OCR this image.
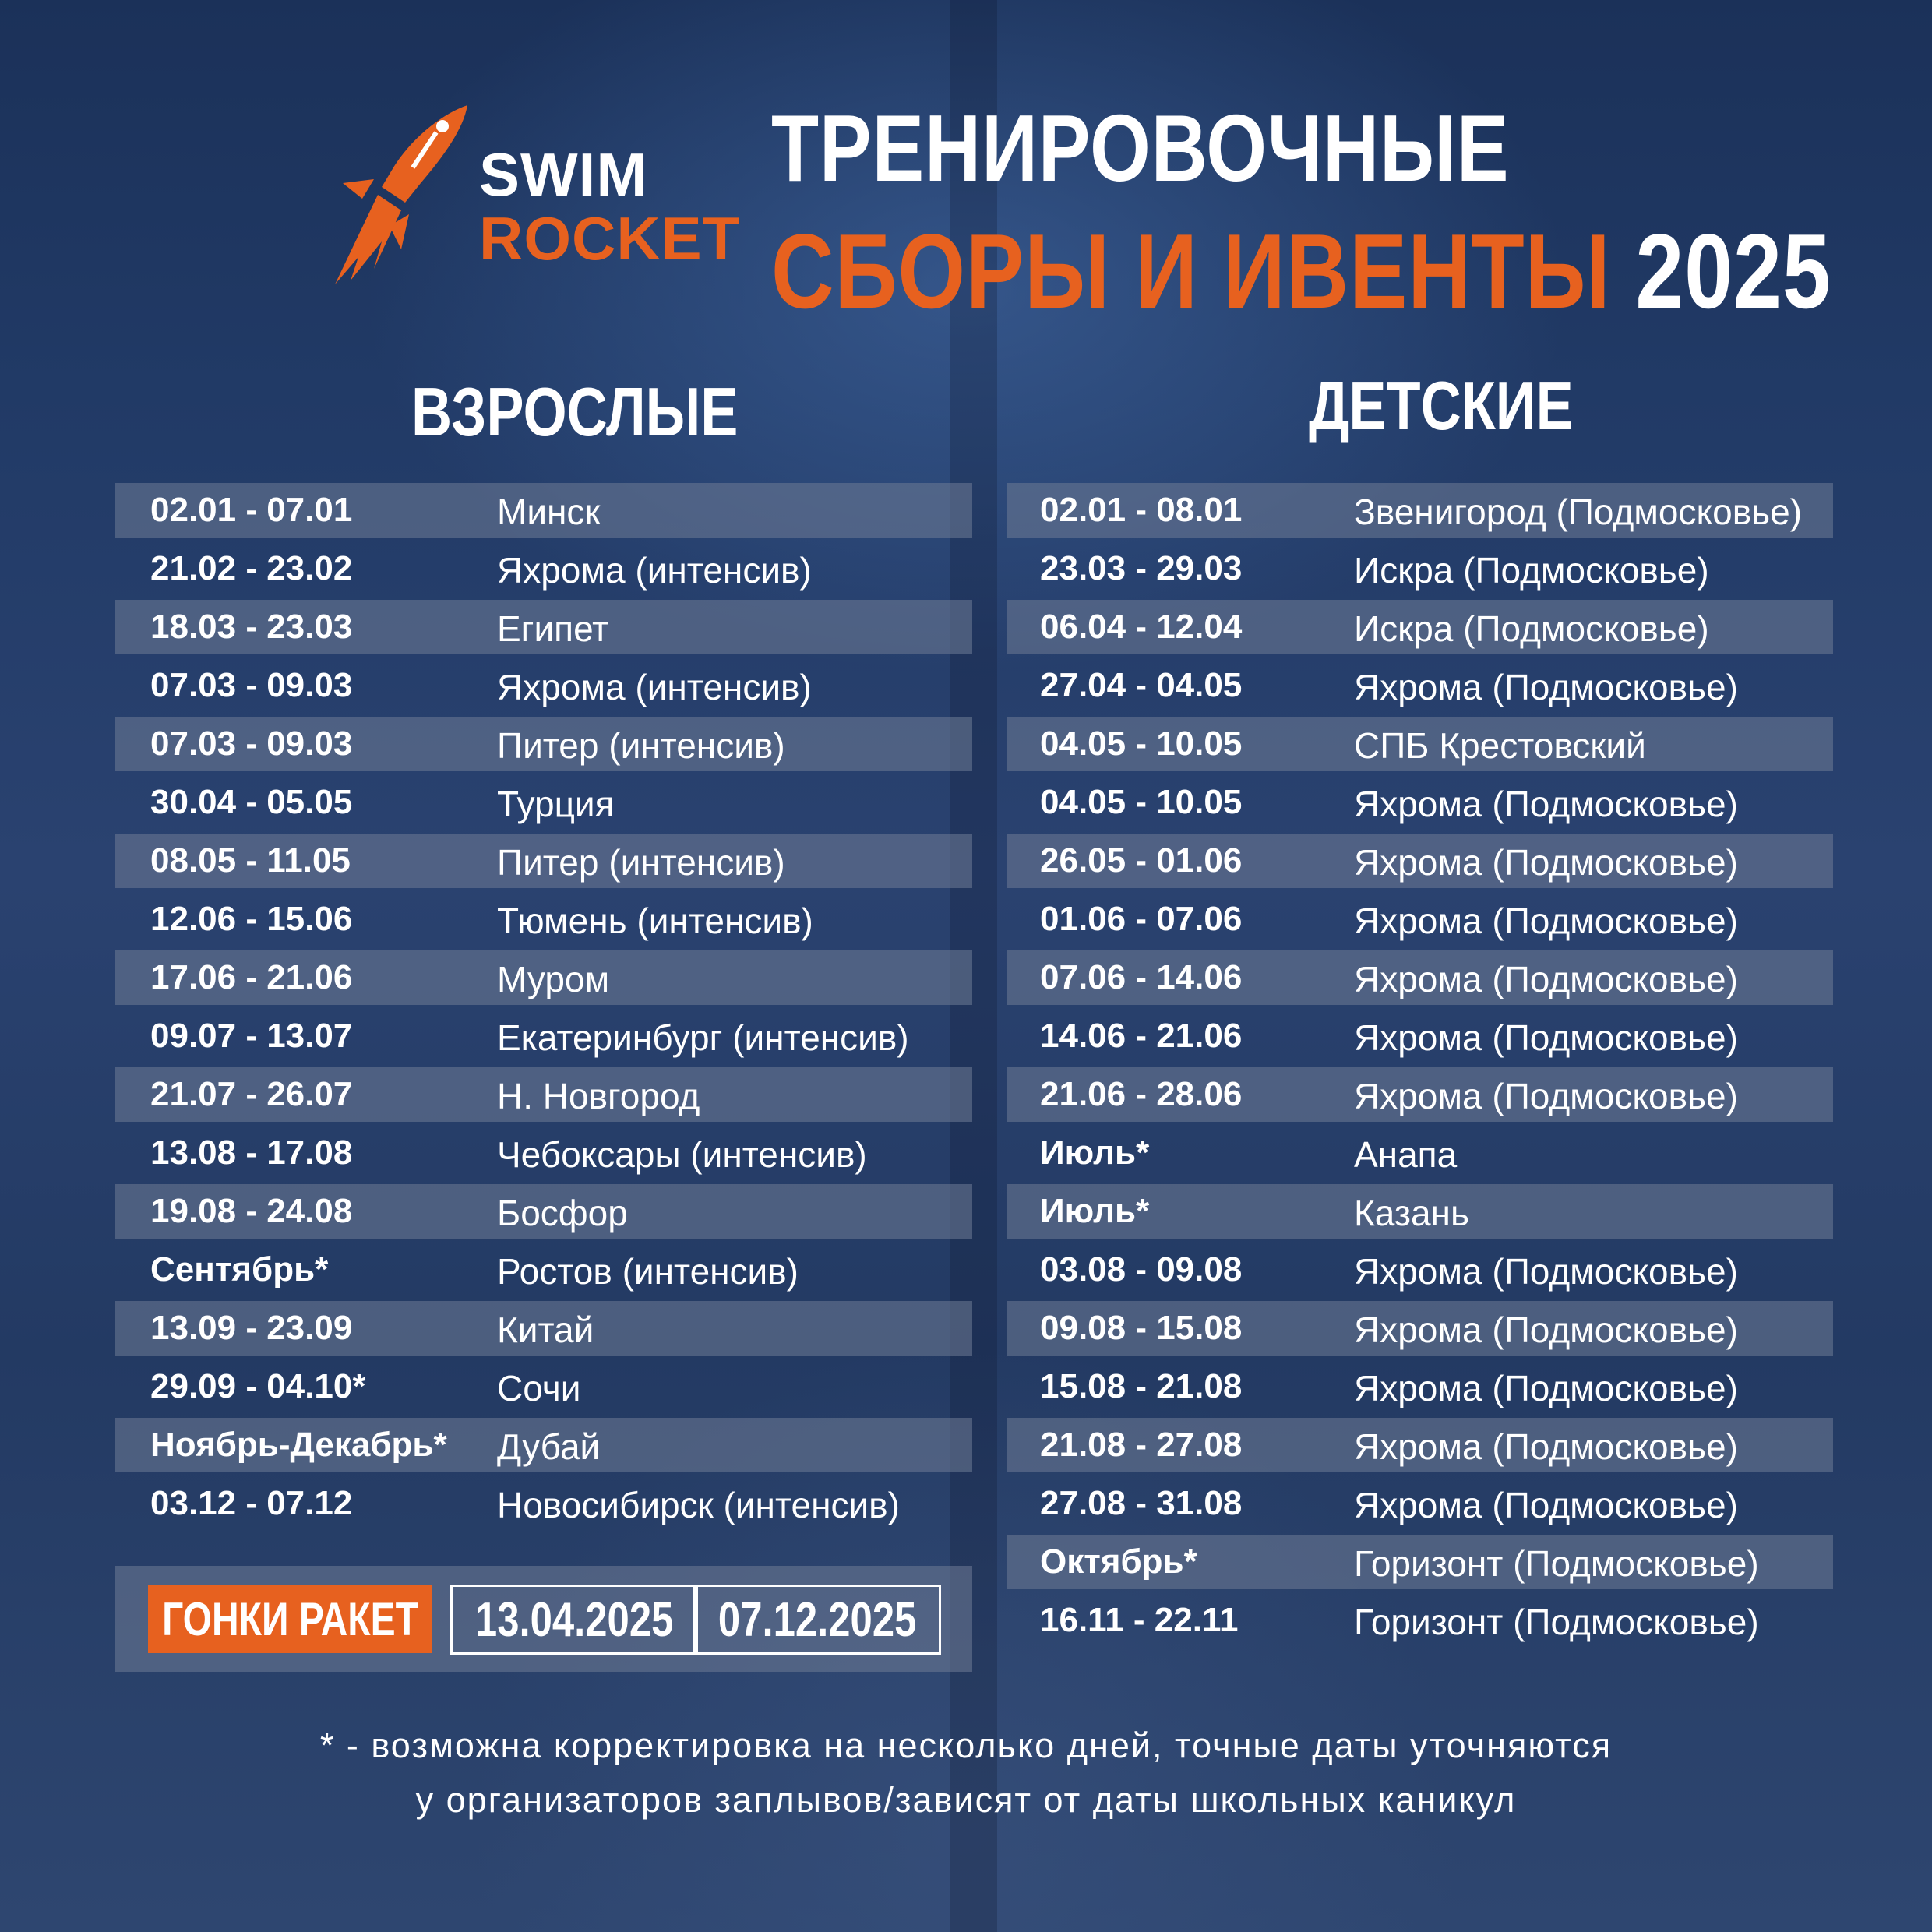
SWIM
ROCKET
ТРЕНИРОВОЧНЫЕ
СБОРЫ И ИВЕНТЫ 2025
ВЗРОСЛЫЕ	ДЕТСКИЕ
02.01 - 07.01	Минск
21.02 - 23.02	Яхрома (интенсив)
18.03 - 23.03	Египет
07.03 - 09.03	Яхрома (интенсив)
07.03 - 09.03	Питер (интенсив)
30.04 - 05.05	Турция
08.05 - 11.05	Питер (интенсив)
12.06 - 15.06	Тюмень (интенсив)
17.06 - 21.06	Муром
09.07 - 13.07	Екатеринбург (интенсив)
21.07 - 26.07	Н. Новгород
13.08 - 17.08	Чебоксары (интенсив)
19.08 - 24.08	Босфор
Сентябрь*	Ростов (интенсив)
13.09 - 23.09	Китай
29.09 - 04.10*	Сочи
Ноябрь-Декабрь* Дубай
03.12 - 07.12	Новосибирск (интенсив)
02.01 - 08.01	Звенигород (Подмосковье)
23.03 - 29.03	Искра (Подмосковье)
06.04 - 12.04	Искра (Подмосковье)
27.04 - 04.05	Яхрома (Подмосковье)
04.05 - 10.05	СПБ Крестовский
04.05 - 10.05	Яхрома (Подмосковье)
26.05 - 01.06	Яхрома (Подмосковье)
01.06 - 07.06	Яхрома (Подмосковье)
07.06 - 14.06	Яхрома (Подмосковье)
14.06 - 21.06	Яхрома (Подмосковье)
21.06 - 28.06	Яхрома (Подмосковье)
Июль*	Анапа
Июль*	Казань
03.08 - 09.08	Яхрома (Подмосковье)
09.08 - 15.08	Яхрома (Подмосковье)
15.08 - 21.08	Яхрома (Подмосковье)
21.08 - 27.08	Яхрома (Подмосковье)
27.08 - 31.08	Яхрома (Подмосковье)
Октябрь*	Горизонт (Подмосковье)
16.11 - 22.11	Горизонт (Подмосковье)
ГОНКИ РАКЕТ 13.04.2025 07.12.2025
* - возможна корректировка на несколько дней, точные даты уточняются
у организаторов заплывов/зависят от даты школьных каникул
